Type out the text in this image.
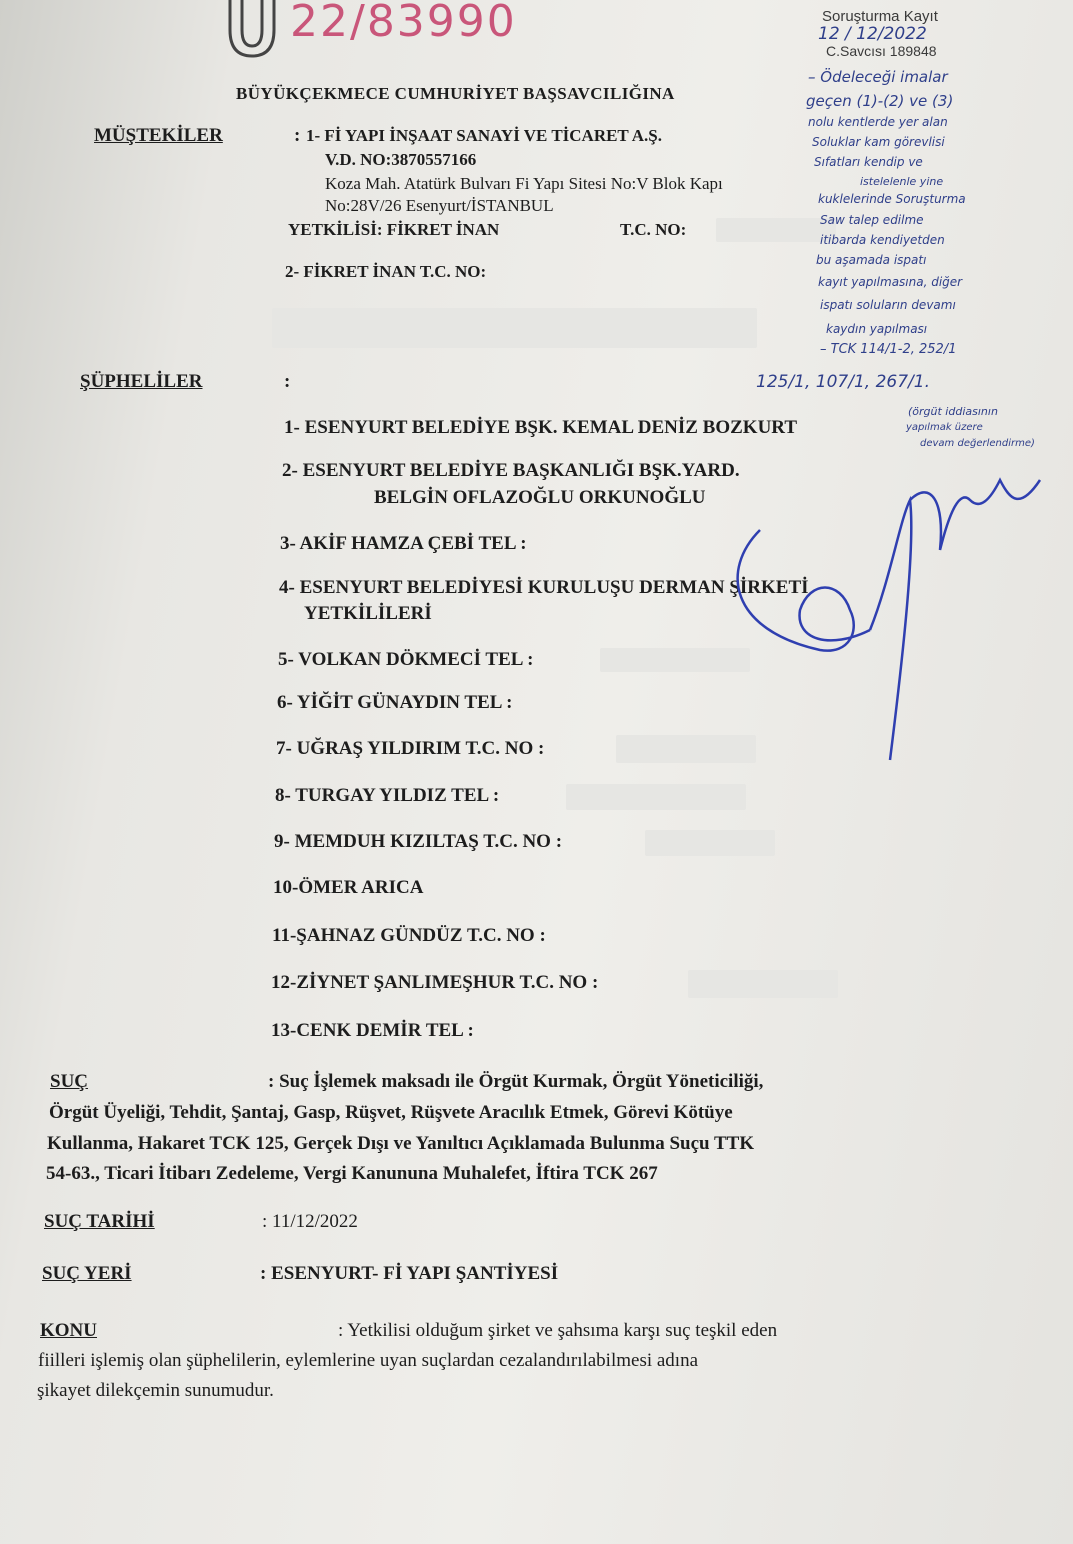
22/83990	Soruşturma Kayıt
12 / 12/2022
C.Savcısı 189848
BÜYÜKÇEKMECE CUMHURİYET BAŞSAVCILIĞINA
MÜŞTEKİLER	: 1- Fİ YAPI İNŞAAT SANAYİ VE TİCARET A.Ş.
V.D. NO:3870557166
Koza Mah. Atatürk Bulvarı Fi Yapı Sitesi No:V Blok Kapı
No:28V/26 Esenyurt/İSTANBUL
YETKİLİSİ: FİKRET İNAN	T.C. NO:
2- FİKRET İNAN T.C. NO:
ŞÜPHELİLER	:
1- ESENYURT BELEDİYE BŞK. KEMAL DENİZ BOZKURT
2- ESENYURT BELEDİYE BAŞKANLIĞI BŞK.YARD.
BELGİN OFLAZOĞLU ORKUNOĞLU
3- AKİF HAMZA ÇEBİ TEL :
4- ESENYURT BELEDİYESİ KURULUŞU DERMAN ŞİRKETİ
YETKİLİLERİ
5- VOLKAN DÖKMECİ TEL :
6- YİĞİT GÜNAYDIN TEL :
7- UĞRAŞ YILDIRIM T.C. NO :
8- TURGAY YILDIZ TEL :
9- MEMDUH KIZILTAŞ T.C. NO :
10-ÖMER ARICA
11-ŞAHNAZ GÜNDÜZ T.C. NO :
12-ZİYNET ŞANLIMEŞHUR T.C. NO :
13-CENK DEMİR TEL :
SUÇ	: Suç İşlemek maksadı ile Örgüt Kurmak, Örgüt Yöneticiliği,
Örgüt Üyeliği, Tehdit, Şantaj, Gasp, Rüşvet, Rüşvete Aracılık Etmek, Görevi Kötüye
Kullanma, Hakaret TCK 125, Gerçek Dışı ve Yanıltıcı Açıklamada Bulunma Suçu TTK
54-63., Ticari İtibarı Zedeleme, Vergi Kanununa Muhalefet, İftira TCK 267
SUÇ TARİHİ	: 11/12/2022
SUÇ YERİ	: ESENYURT- Fİ YAPI ŞANTİYESİ
KONU	: Yetkilisi olduğum şirket ve şahsıma karşı suç teşkil eden
fiilleri işlemiş olan şüphelilerin, eylemlerine uyan suçlardan cezalandırılabilmesi adına
şikayet dilekçemin sunumudur.
– Ödeleceği imalar
geçen (1)-(2) ve (3)
nolu kentlerde yer alan
Soluklar kam görevlisi
Sıfatları kendip ve
istelelenle yine
kuklelerinde Soruşturma
Saw talep edilme
itibarda kendiyetden
bu aşamada ispatı
kayıt yapılmasına, diğer
ispatı soluların devamı
kaydın yapılması
– TCK 114/1-2, 252/1
125/1, 107/1, 267/1.
(örgüt iddiasının
yapılmak üzere
devam değerlendirme)
